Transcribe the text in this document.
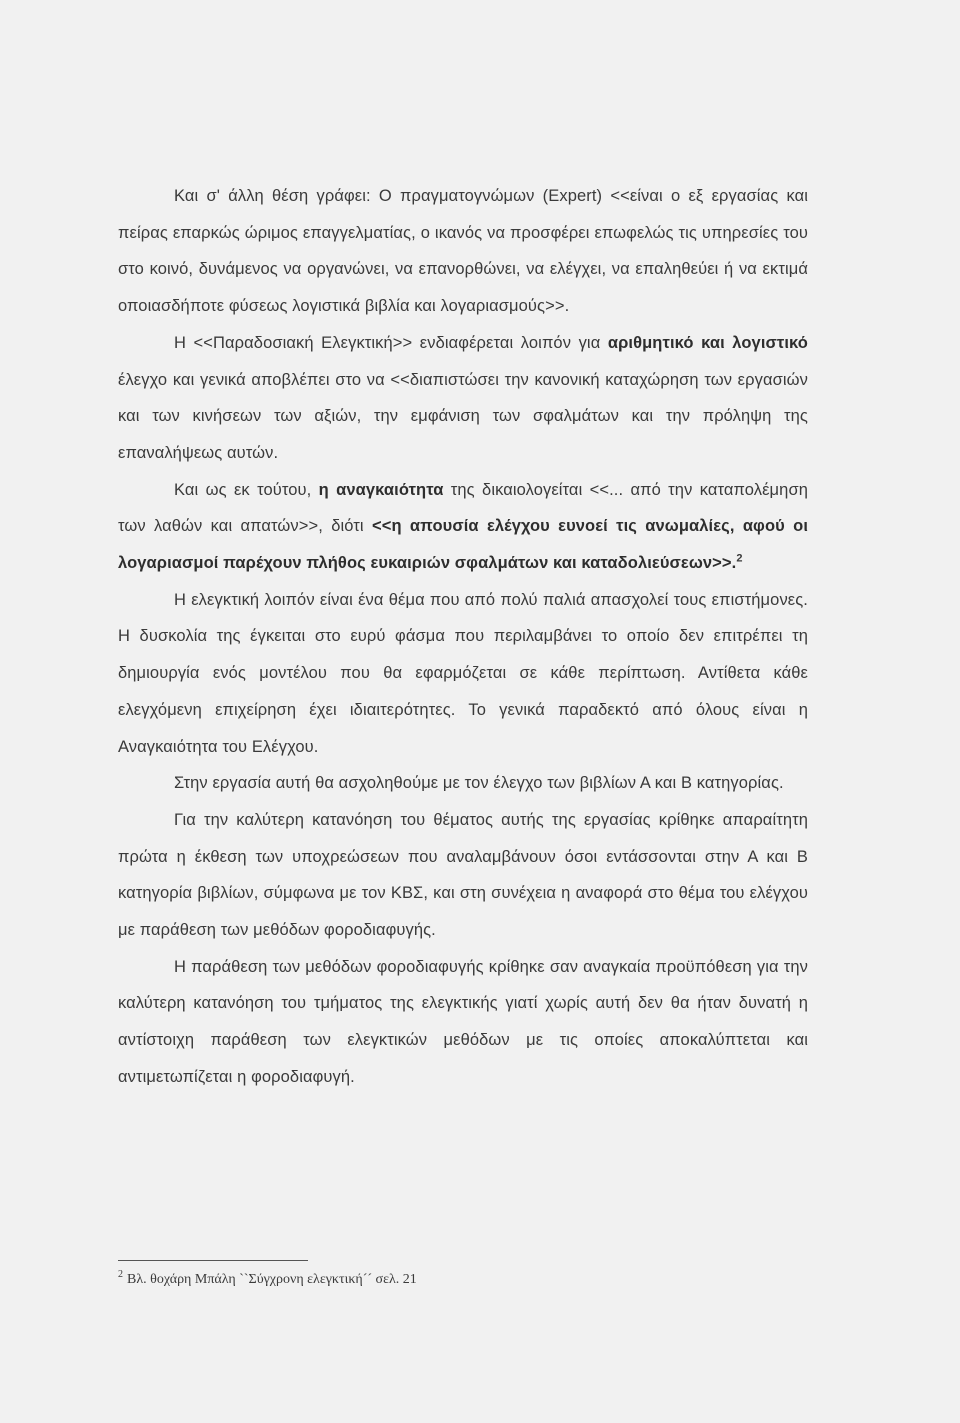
Και σ' άλλη θέση γράφει: Ο πραγματογνώμων (Expert) <<είναι ο εξ εργασίας και πείρας επαρκώς ώριμος επαγγελματίας, ο ικανός να προσφέρει επωφελώς τις υπηρεσίες του στο κοινό, δυνάμενος να οργανώνει, να επανορθώνει, να ελέγχει, να επαληθεύει ή να εκτιμά οποιασδήποτε φύσεως λογιστικά βιβλία και λογαριασμούς>>.

Η <<Παραδοσιακή Ελεγκτική>> ενδιαφέρεται λοιπόν για αριθμητικό και λογιστικό έλεγχο και γενικά αποβλέπει στο να <<διαπιστώσει την κανονική καταχώρηση των εργασιών και των κινήσεων των αξιών, την εμφάνιση των σφαλμάτων και την πρόληψη της επαναλήψεως αυτών.

Και ως εκ τούτου, η αναγκαιότητα της δικαιολογείται <<... από την καταπολέμηση των λαθών και απατών>>, διότι <<η απουσία ελέγχου ευνοεί τις ανωμαλίες, αφού οι λογαριασμοί παρέχουν πλήθος ευκαιριών σφαλμάτων και καταδολιεύσεων>>.$^2$

Η ελεγκτική λοιπόν είναι ένα θέμα που από πολύ παλιά απασχολεί τους επιστήμονες. Η δυσκολία της έγκειται στο ευρύ φάσμα που περιλαμβάνει το οποίο δεν επιτρέπει τη δημιουργία ενός μοντέλου που θα εφαρμόζεται σε κάθε περίπτωση. Αντίθετα κάθε ελεγχόμενη επιχείρηση έχει ιδιαιτερότητες. Το γενικά παραδεκτό από όλους είναι η Αναγκαιότητα του Ελέγχου.

Στην εργασία αυτή θα ασχοληθούμε με τον έλεγχο των βιβλίων Α και Β κατηγορίας.

Για την καλύτερη κατανόηση του θέματος αυτής της εργασίας κρίθηκε απαραίτητη πρώτα η έκθεση των υποχρεώσεων που αναλαμβάνουν όσοι εντάσσονται στην Α και Β κατηγορία βιβλίων, σύμφωνα με τον ΚΒΣ, και στη συνέχεια η αναφορά στο θέμα του ελέγχου με παράθεση των μεθόδων φοροδιαφυγής.

Η παράθεση των μεθόδων φοροδιαφυγής κρίθηκε σαν αναγκαία προϋπόθεση για την καλύτερη κατανόηση του τμήματος της ελεγκτικής γιατί χωρίς αυτή δεν θα ήταν δυνατή η αντίστοιχη παράθεση των ελεγκτικών μεθόδων με τις οποίες αποκαλύπτεται και αντιμετωπίζεται η φοροδιαφυγή.

$^2$ Βλ. θοχάρη Μπάλη ``Σύγχρονη ελεγκτική´´ σελ. 21
